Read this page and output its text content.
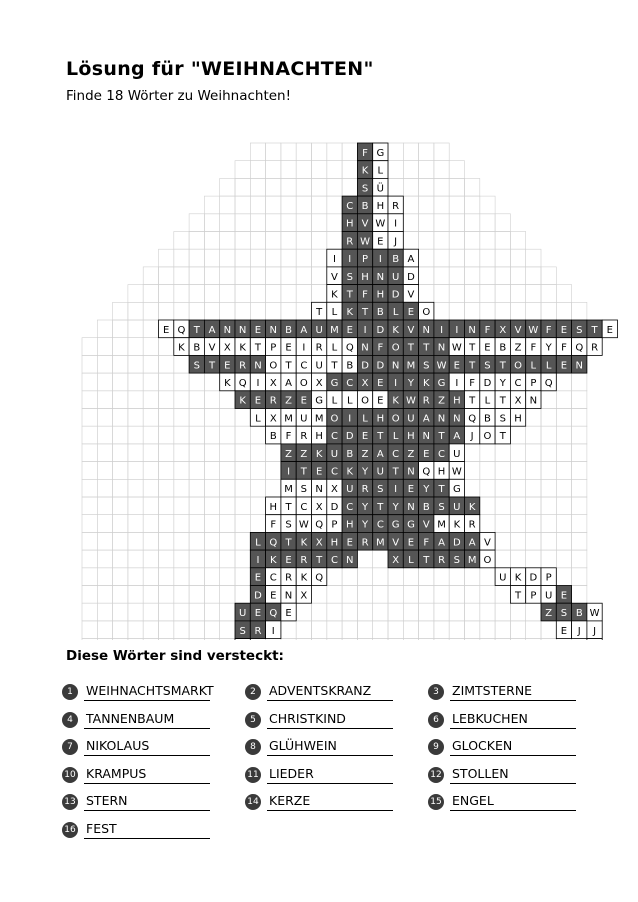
Lösung für "WEIHNACHTEN"
Finde 18 Wörter zu Weihnachten!
F G
K L
S Ü
C B H R
H V W I
R W E J
I I P I B A
V S H N U D
K T F H D V
T L K T B L E O
E Q T A N N E N B A U M E I D K V N I I N F X V W F E S T E
K B V X K T P E I R L Q N F O T T N W T E B Z F Y F Q R
S T E R N O T C U T B D D N M S W E T S T O L L E N
K Q I X A O X G C X E I Y K G I F D Y C P Q
K E R Z E G L L O E K W R Z H T L T X N
L X M U M O I L H O U A N N Q B S H
B F R H C D E T L H N T A J O T
Z Z K U B Z A C Z E C U
I T E C K Y U T N Q H W
M S N X U R S I E Y T G
H T C X D C Y T Y N B S U K
F S W Q P H Y C G G V M K R
L Q T K X H E R M V E F A D A V
I K E R T C N	X L T R S M O
E C R K Q	U K D P
D E N X	T P U E
U E Q E	Z S B W
S R I	E J J
Diese Wörter sind versteckt:
1	WEIHNACHTSMARKT	2	ADVENTSKRANZ	3	ZIMTSTERNE
4	TANNENBAUM	5	CHRISTKIND	6	LEBKUCHEN
7	NIKOLAUS	8	GLÜHWEIN	9	GLOCKEN
10 KRAMPUS	11 LIEDER	12 STOLLEN
13 STERN	14 KERZE	15 ENGEL
16 FEST
